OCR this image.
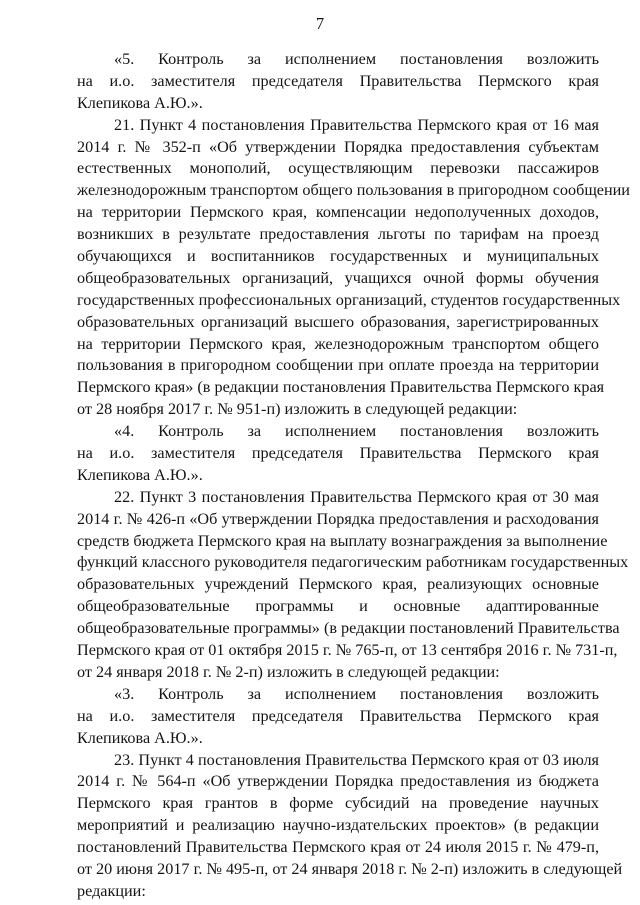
7
«5. Контроль за исполнением постановления возложить
на и.о. заместителя председателя Правительства Пермского края
Клепикова А.Ю.».
21. Пункт 4 постановления Правительства Пермского края от 16 мая
2014 г. № 352-п «Об утверждении Порядка предоставления субъектам
естественных монополий, осуществляющим перевозки пассажиров
железнодорожным транспортом общего пользования в пригородном сообщении
на территории Пермского края, компенсации недополученных доходов,
возникших в результате предоставления льготы по тарифам на проезд
обучающихся и воспитанников государственных и муниципальных
общеобразовательных организаций, учащихся очной формы обучения
государственных профессиональных организаций, студентов государственных
образовательных организаций высшего образования, зарегистрированных
на территории Пермского края, железнодорожным транспортом общего
пользования в пригородном сообщении при оплате проезда на территории
Пермского края» (в редакции постановления Правительства Пермского края
от 28 ноября 2017 г. № 951-п) изложить в следующей редакции:
«4. Контроль за исполнением постановления возложить
на и.о. заместителя председателя Правительства Пермского края
Клепикова А.Ю.».
22. Пункт 3 постановления Правительства Пермского края от 30 мая
2014 г. № 426-п «Об утверждении Порядка предоставления и расходования
средств бюджета Пермского края на выплату вознаграждения за выполнение
функций классного руководителя педагогическим работникам государственных
образовательных учреждений Пермского края, реализующих основные
общеобразовательные программы и основные адаптированные
общеобразовательные программы» (в редакции постановлений Правительства
Пермского края от 01 октября 2015 г. № 765-п, от 13 сентября 2016 г. № 731-п,
от 24 января 2018 г. № 2-п) изложить в следующей редакции:
«3. Контроль за исполнением постановления возложить
на и.о. заместителя председателя Правительства Пермского края
Клепикова А.Ю.».
23. Пункт 4 постановления Правительства Пермского края от 03 июля
2014 г. № 564-п «Об утверждении Порядка предоставления из бюджета
Пермского края грантов в форме субсидий на проведение научных
мероприятий и реализацию научно-издательских проектов» (в редакции
постановлений Правительства Пермского края от 24 июля 2015 г. № 479-п,
от 20 июня 2017 г. № 495-п, от 24 января 2018 г. № 2-п) изложить в следующей
редакции:
